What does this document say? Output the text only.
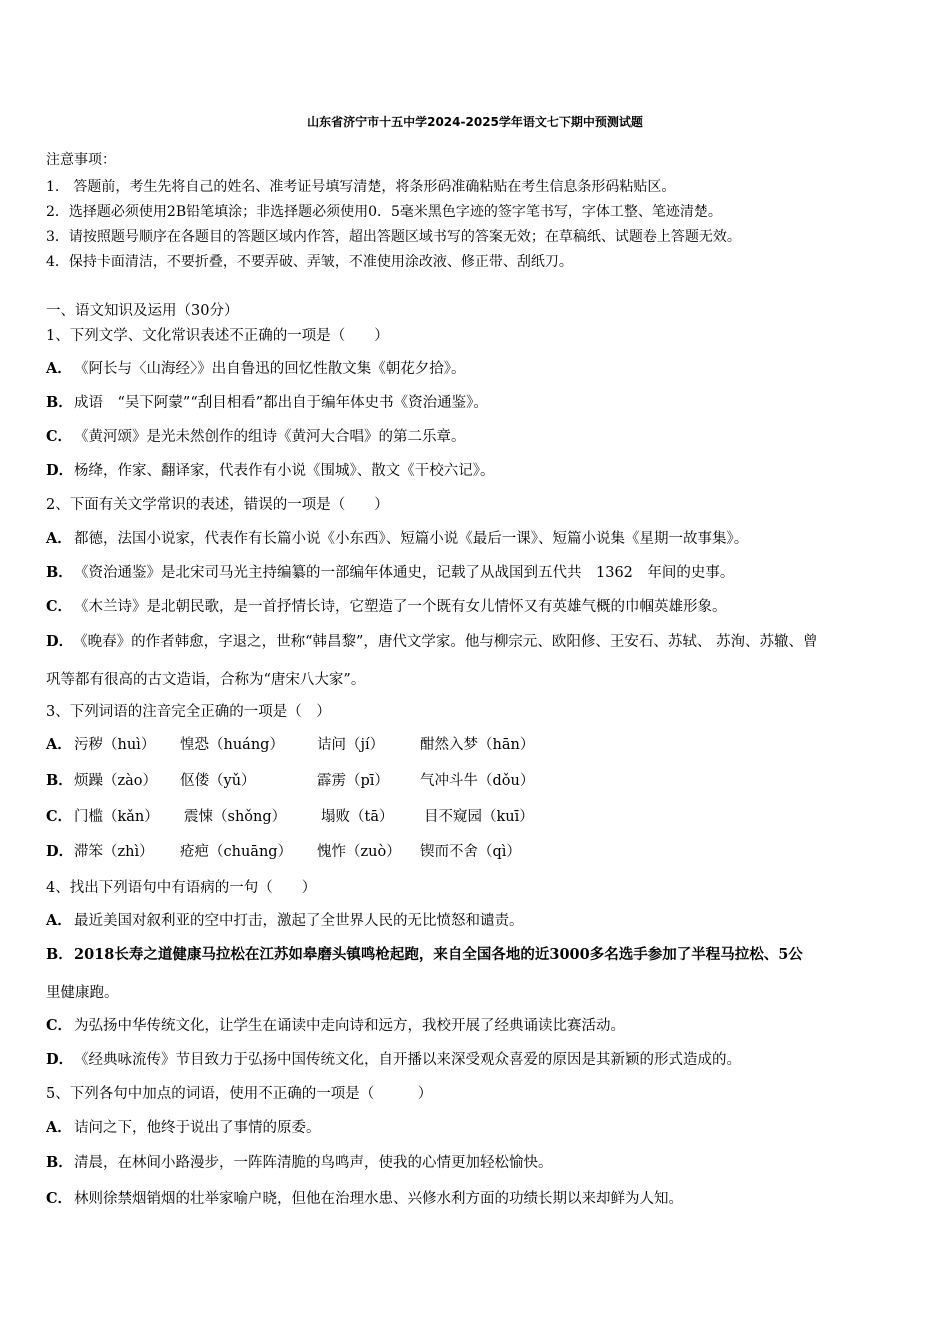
山东省济宁市十五中学2024-2025学年语文七下期中预测试题
注意事项：
1.　答题前，考生先将自己的姓名、准考证号填写清楚，将条形码准确粘贴在考生信息条形码粘贴区。
2．选择题必须使用2B铅笔填涂；非选择题必须使用0．5毫米黑色字迹的签字笔书写，字体工整、笔迹清楚。
3．请按照题号顺序在各题目的答题区域内作答，超出答题区域书写的答案无效；在草稿纸、试题卷上答题无效。
4．保持卡面清洁，不要折叠，不要弄破、弄皱，不准使用涂改液、修正带、刮纸刀。
一、语文知识及运用（30分）
1、下列文学、文化常识表述不正确的一项是（　　）
A． 《阿长与〈山海经〉》出自鲁迅的回忆性散文集《朝花夕拾》。
B．成语　“吴下阿蒙”“刮目相看”都出自于编年体史书《资治通鉴》。
C． 《黄河颂》是光未然创作的组诗《黄河大合唱》的第二乐章。
D．杨绛，作家、翻译家，代表作有小说《围城》、散文《干校六记》。
2、下面有关文学常识的表述，错误的一项是（　　）
A． 都德，法国小说家，代表作有长篇小说《小东西》、短篇小说《最后一课》、短篇小说集《星期一故事集》。
B．《资治通鉴》是北宋司马光主持编纂的一部编年体通史，记载了从战国到五代共　1362　年间的史事。
C． 《木兰诗》是北朝民歌，是一首抒情长诗，它塑造了一个既有女儿情怀又有英雄气概的巾帼英雄形象。
D．《晚春》的作者韩愈，字退之，世称“韩昌黎”，唐代文学家。他与柳宗元、欧阳修、王安石、苏轼、 苏洵、苏辙、曾
巩等都有很高的古文造诣，合称为“唐宋八大家”。
3、下列词语的注音完全正确的一项是（　）
A． 污秽（huì） 惶恐（huáng） 诘问（jí） 酣然入梦（hān）
B．烦躁（zào） 伛偻（yǔ）	霹雳（pī） 气冲斗牛（dǒu）
C． 门槛（kǎn） 震悚（shǒng） 塌败（tā） 目不窥园（kuī）
D．滞笨（zhì） 疮疤（chuāng） 愧怍（zuò） 锲而不舍（qì）
4、找出下列语句中有语病的一句（　　）
A． 最近美国对叙利亚的空中打击，激起了全世界人民的无比愤怒和谴责。
B．2018长寿之道健康马拉松在江苏如皋磨头镇鸣枪起跑，来自全国各地的近3000多名选手参加了半程马拉松、5公
里健康跑。
C． 为弘扬中华传统文化，让学生在诵读中走向诗和远方，我校开展了经典诵读比赛活动。
D．《经典咏流传》节目致力于弘扬中国传统文化，自开播以来深受观众喜爱的原因是其新颖的形式造成的。
5、下列各句中加点的词语，使用不正确的一项是（　　　）
A． 诘问之下，他终于说出了事情的原委。
B．清晨，在林间小路漫步，一阵阵清脆的鸟鸣声，使我的心情更加轻松愉快。
C． 林则徐禁烟销烟的壮举家喻户晓，但他在治理水患、兴修水利方面的功绩长期以来却鲜为人知。
